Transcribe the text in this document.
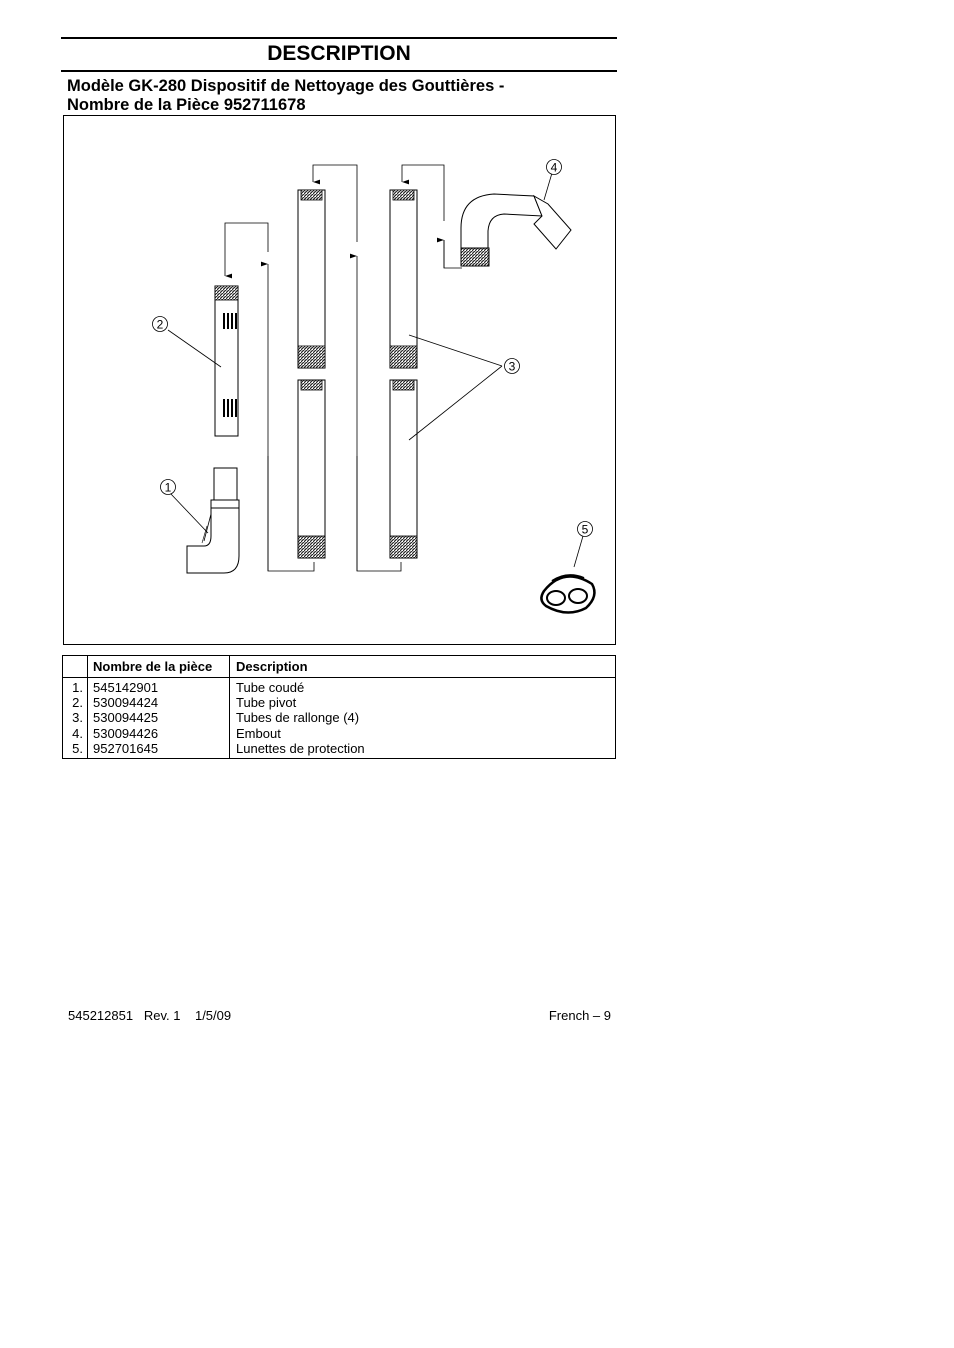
DESCRIPTION
Modèle GK-280 Dispositif de Nettoyage des Gouttières -
Nombre de la Pièce 952711678
1
2
3
4
5
Nombre de la pièce Description
1.
2.
3.
4.
5.
545142901
530094424
530094425
530094426
952701645
Tube coudé
Tube pivot
Tubes de rallonge (4)
Embout
Lunettes de protection
545212851   Rev. 1    1/5/09	French – 9
